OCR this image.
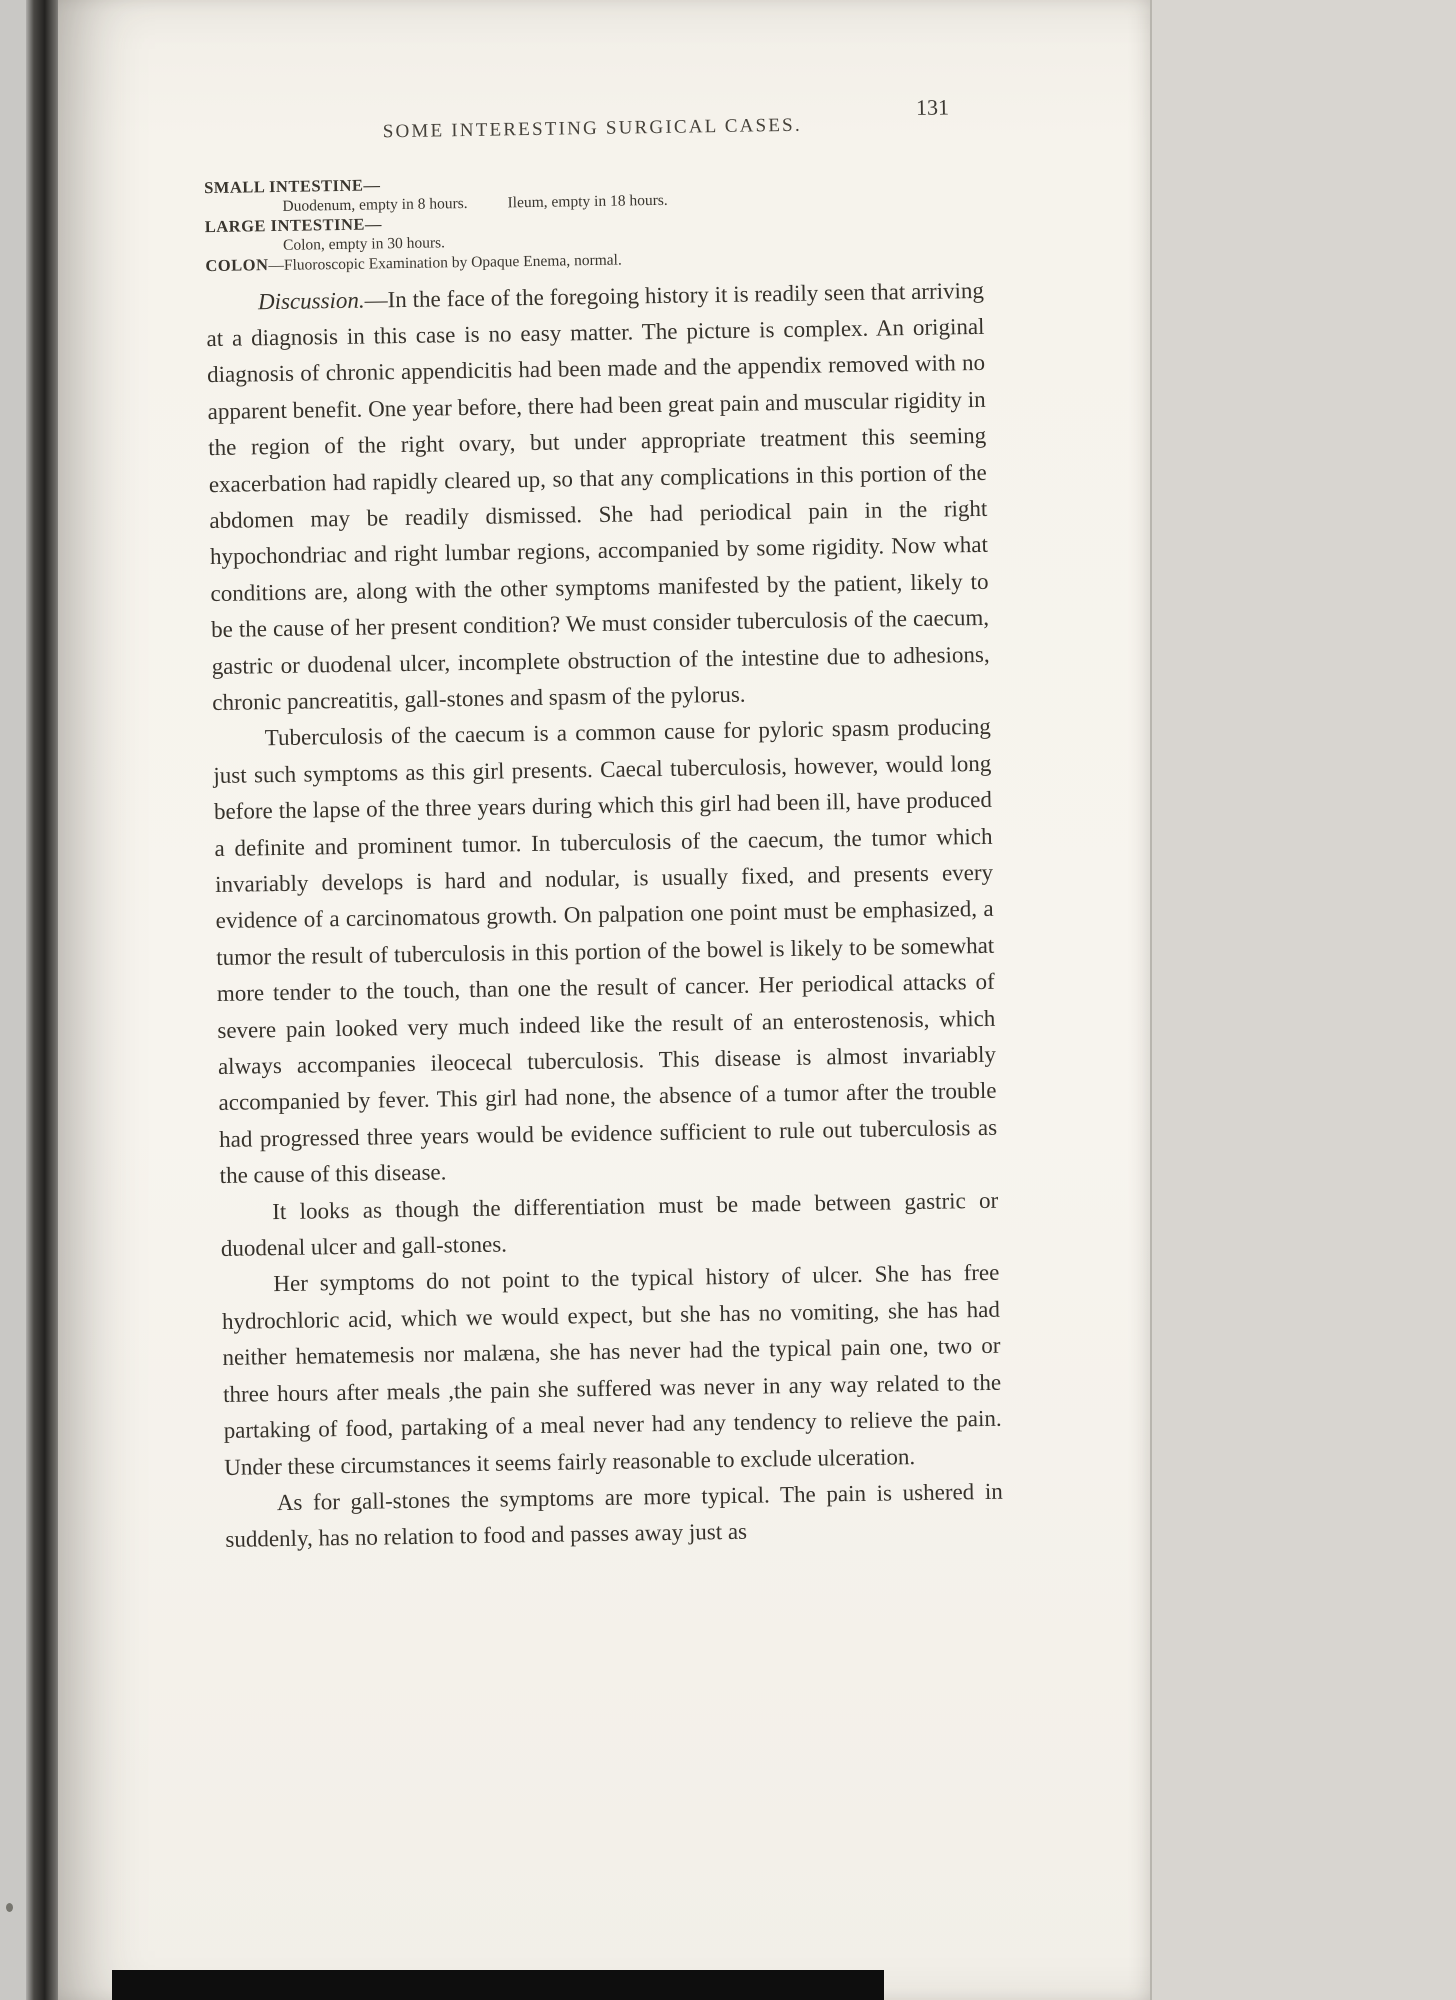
SOME INTERESTING SURGICAL CASES.
131
SMALL INTESTINE—
Duodenum, empty in 8 hours.	Ileum, empty in 18 hours.
LARGE INTESTINE—
Colon, empty in 30 hours.
COLON—Fluoroscopic Examination by Opaque Enema, normal.

Discussion.—In the face of the foregoing history it is readily seen that arriving at a diagnosis in this case is no easy matter. The picture is complex. An original diagnosis of chronic appendicitis had been made and the appendix removed with no apparent benefit. One year before, there had been great pain and muscular rigidity in the region of the right ovary, but under appropriate treatment this seeming exacerbation had rapidly cleared up, so that any complications in this portion of the abdomen may be readily dismissed. She had periodical pain in the right hypochondriac and right lumbar regions, accompanied by some rigidity. Now what conditions are, along with the other symptoms manifested by the patient, likely to be the cause of her present condition? We must consider tuberculosis of the caecum, gastric or duodenal ulcer, incomplete obstruction of the intestine due to adhesions, chronic pancreatitis, gall-stones and spasm of the pylorus.

Tuberculosis of the caecum is a common cause for pyloric spasm producing just such symptoms as this girl presents. Caecal tuberculosis, however, would long before the lapse of the three years during which this girl had been ill, have produced a definite and prominent tumor. In tuberculosis of the caecum, the tumor which invariably develops is hard and nodular, is usually fixed, and presents every evidence of a carcinomatous growth. On palpation one point must be emphasized, a tumor the result of tuberculosis in this portion of the bowel is likely to be somewhat more tender to the touch, than one the result of cancer. Her periodical attacks of severe pain looked very much indeed like the result of an enterostenosis, which always accompanies ileocecal tuberculosis. This disease is almost invariably accompanied by fever. This girl had none, the absence of a tumor after the trouble had progressed three years would be evidence sufficient to rule out tuberculosis as the cause of this disease.

It looks as though the differentiation must be made between gastric or duodenal ulcer and gall-stones.

Her symptoms do not point to the typical history of ulcer. She has free hydrochloric acid, which we would expect, but she has no vomiting, she has had neither hematemesis nor malæna, she has never had the typical pain one, two or three hours after meals ,the pain she suffered was never in any way related to the partaking of food, partaking of a meal never had any tendency to relieve the pain. Under these circumstances it seems fairly reasonable to exclude ulceration.

As for gall-stones the symptoms are more typical. The pain is ushered in suddenly, has no relation to food and passes away just as
